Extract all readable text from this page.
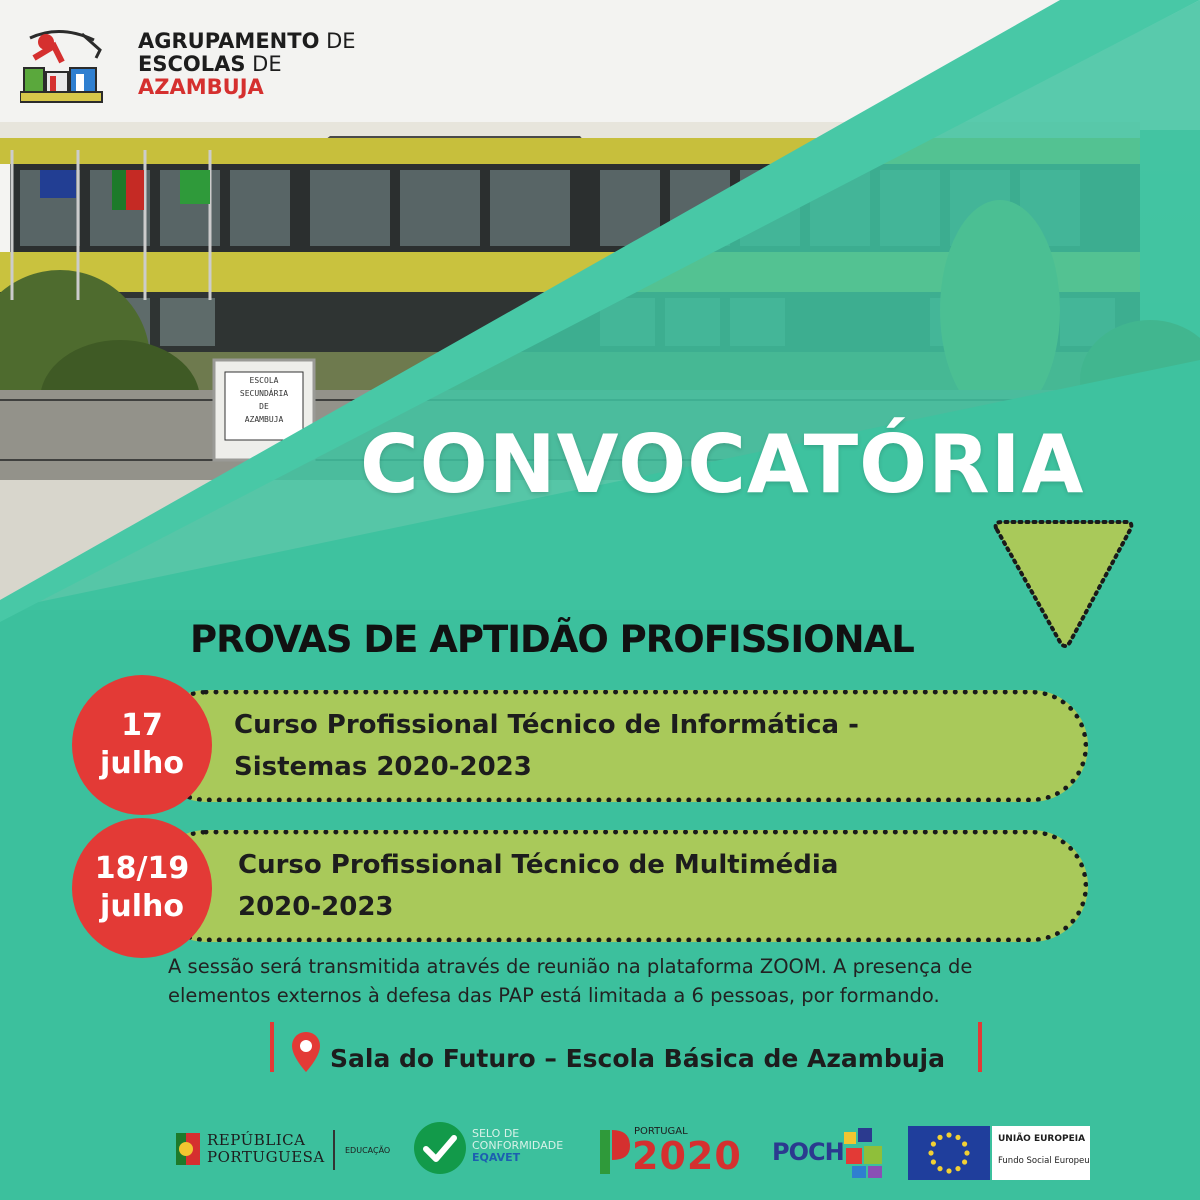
AGRUPAMENTO DE
ESCOLAS DE
AZAMBUJA
CONVOCATÓRIA
PROVAS DE APTIDÃO PROFISSIONAL
Curso Profissional Técnico de Informática -
Sistemas 2020-2023
17
julho
Curso Profissional Técnico de Multimédia
2020-2023
18/19
julho
A sessão será transmitida através de reunião na plataforma ZOOM. A presença de elementos externos à defesa das PAP está limitada a 6 pessoas, por formando.
Sala do Futuro – Escola Básica de Azambuja
REPÚBLICA
PORTUGUESA	EDUCAÇÃO
SELO DE
CONFORMIDADE
EQAVET
PORTUGAL
2020 POCH	UNIÃO EUROPEIA
Fundo Social Europeu
ESCOLA
SECUNDÁRIA
DE
AZAMBUJA
